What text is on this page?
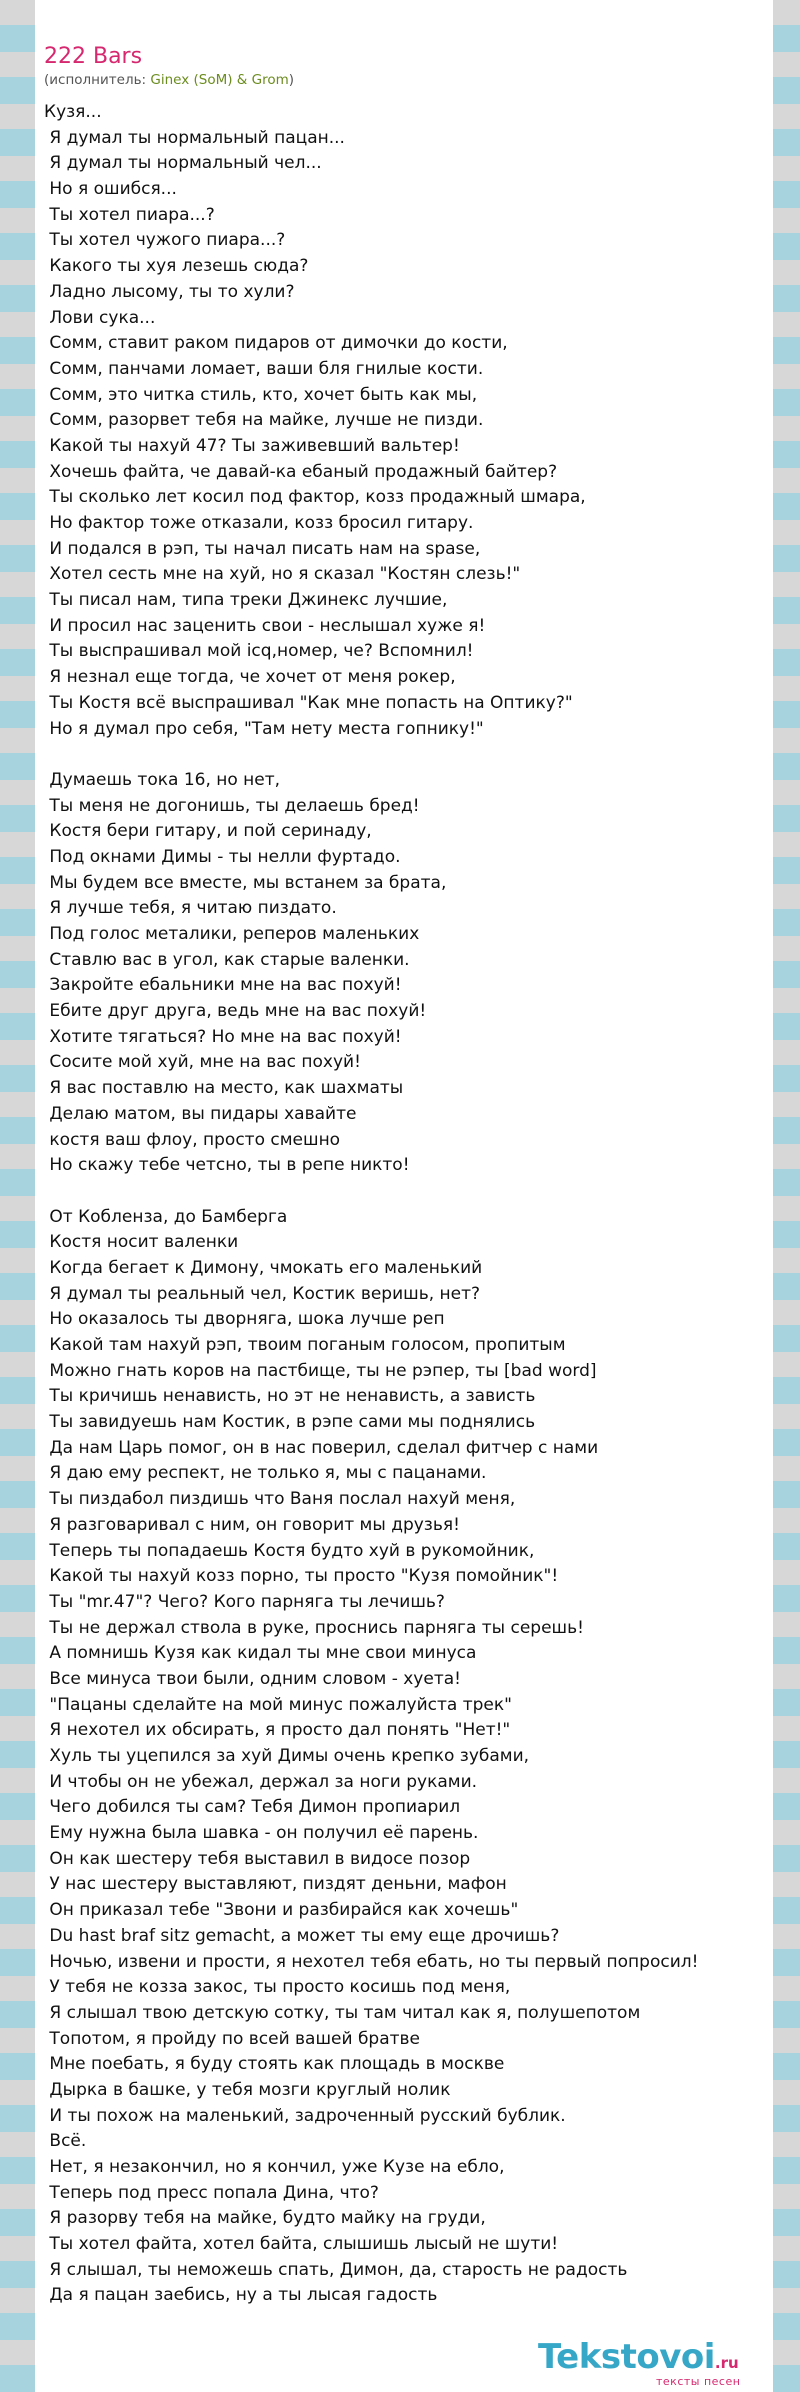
222 Bars
(исполнитель: Ginex (SoM) & Grom)
Кузя...
Я думал ты нормальный пацан...
Я думал ты нормальный чел...
Но я ошибся...
Ты хотел пиара...?
Ты хотел чужого пиара...?
Какого ты хуя лезешь сюда?
Ладно лысому, ты то хули?
Лови сука...
Сомм, ставит раком пидаров от димочки до кости,
Сомм, панчами ломает, ваши бля гнилые кости.
Сомм, это читка стиль, кто, хочет быть как мы,
Сомм, разорвет тебя на майке, лучше не пизди.
Какой ты нахуй 47? Ты заживевший вальтер!
Хочешь файта, че давай-ка ебаный продажный байтер?
Ты сколько лет косил под фактор, козз продажный шмара,
Но фактор тоже отказали, козз бросил гитару.
И подался в рэп, ты начал писать нам на spase,
Хотел сесть мне на хуй, но я сказал "Костян слезь!"
Ты писал нам, типа треки Джинекс лучшие,
И просил нас заценить свои - неслышал хуже я!
Ты выспрашивал мой icq,номер, че? Вспомнил!
Я незнал еще тогда, че хочет от меня рокер,
Ты Костя всё выспрашивал "Как мне попасть на Оптику?"
Но я думал про себя, "Там нету места гопнику!"
Думаешь тока 16, но нет,
Ты меня не догонишь, ты делаешь бред!
Костя бери гитару, и пой серинаду,
Под окнами Димы - ты нелли фуртадо.
Мы будем все вместе, мы встанем за брата,
Я лучше тебя, я читаю пиздато.
Под голос металики, реперов маленьких
Ставлю вас в угол, как старые валенки.
Закройте ебальники мне на вас похуй!
Ебите друг друга, ведь мне на вас похуй!
Хотите тягаться? Но мне на вас похуй!
Сосите мой хуй, мне на вас похуй!
Я вас поставлю на место, как шахматы
Делаю матом, вы пидары хавайте
костя ваш флоу, просто смешно
Но скажу тебе четсно, ты в репе никто!
От Кобленза, до Бамберга
Костя носит валенки
Когда бегает к Димону, чмокать его маленький
Я думал ты реальный чел, Костик веришь, нет?
Но оказалось ты дворняга, шока лучше реп
Какой там нахуй рэп, твоим поганым голосом, пропитым
Можно гнать коров на пастбище, ты не рэпер, ты [bad word]
Ты кричишь ненависть, но эт не ненависть, а зависть
Ты завидуешь нам Костик, в рэпе сами мы поднялись
Да нам Царь помог, он в нас поверил, сделал фитчер с нами
Я даю ему респект, не только я, мы с пацанами.
Ты пиздабол пиздишь что Ваня послал нахуй меня,
Я разговаривал с ним, он говорит мы друзья!
Теперь ты попадаешь Костя будто хуй в рукомойник,
Какой ты нахуй козз порно, ты просто "Кузя помойник"!
Ты "mr.47"? Чего? Кого парняга ты лечишь?
Ты не держал ствола в руке, проснись парняга ты серешь!
А помнишь Кузя как кидал ты мне свои минуса
Все минуса твои были, одним словом - хуета!
"Пацаны сделайте на мой минус пожалуйста трек"
Я нехотел их обсирать, я просто дал понять "Нет!"
Хуль ты уцепился за хуй Димы очень крепко зубами,
И чтобы он не убежал, держал за ноги руками.
Чего добился ты сам? Тебя Димон пропиарил
Ему нужна была шавка - он получил её парень.
Он как шестеру тебя выставил в видосе позор
У нас шестеру выставляют, пиздят деньни, мафон
Он приказал тебе "Звони и разбирайся как хочешь"
Du hast braf sitz gemacht, а может ты ему еще дрочишь?
Ночью, извени и прости, я нехотел тебя ебать, но ты первый попросил!
У тебя не козза закос, ты просто косишь под меня,
Я слышал твою детскую сотку, ты там читал как я, полушепотом
Топотом, я пройду по всей вашей братве
Мне поебать, я буду стоять как площадь в москве
Дырка в башке, у тебя мозги круглый нолик
И ты похож на маленький, задроченный русский бублик.
Всё.
Нет, я незакончил, но я кончил, уже Кузе на ебло,
Теперь под пресс попала Дина, что?
Я разорву тебя на майке, будто майку на груди,
Ты хотел файта, хотел байта, слышишь лысый не шути!
Я слышал, ты неможешь спать, Димон, да, старость не радость
Да я пацан заебись, ну а ты лысая гадость
Tekstovoi.ru
тексты песен
